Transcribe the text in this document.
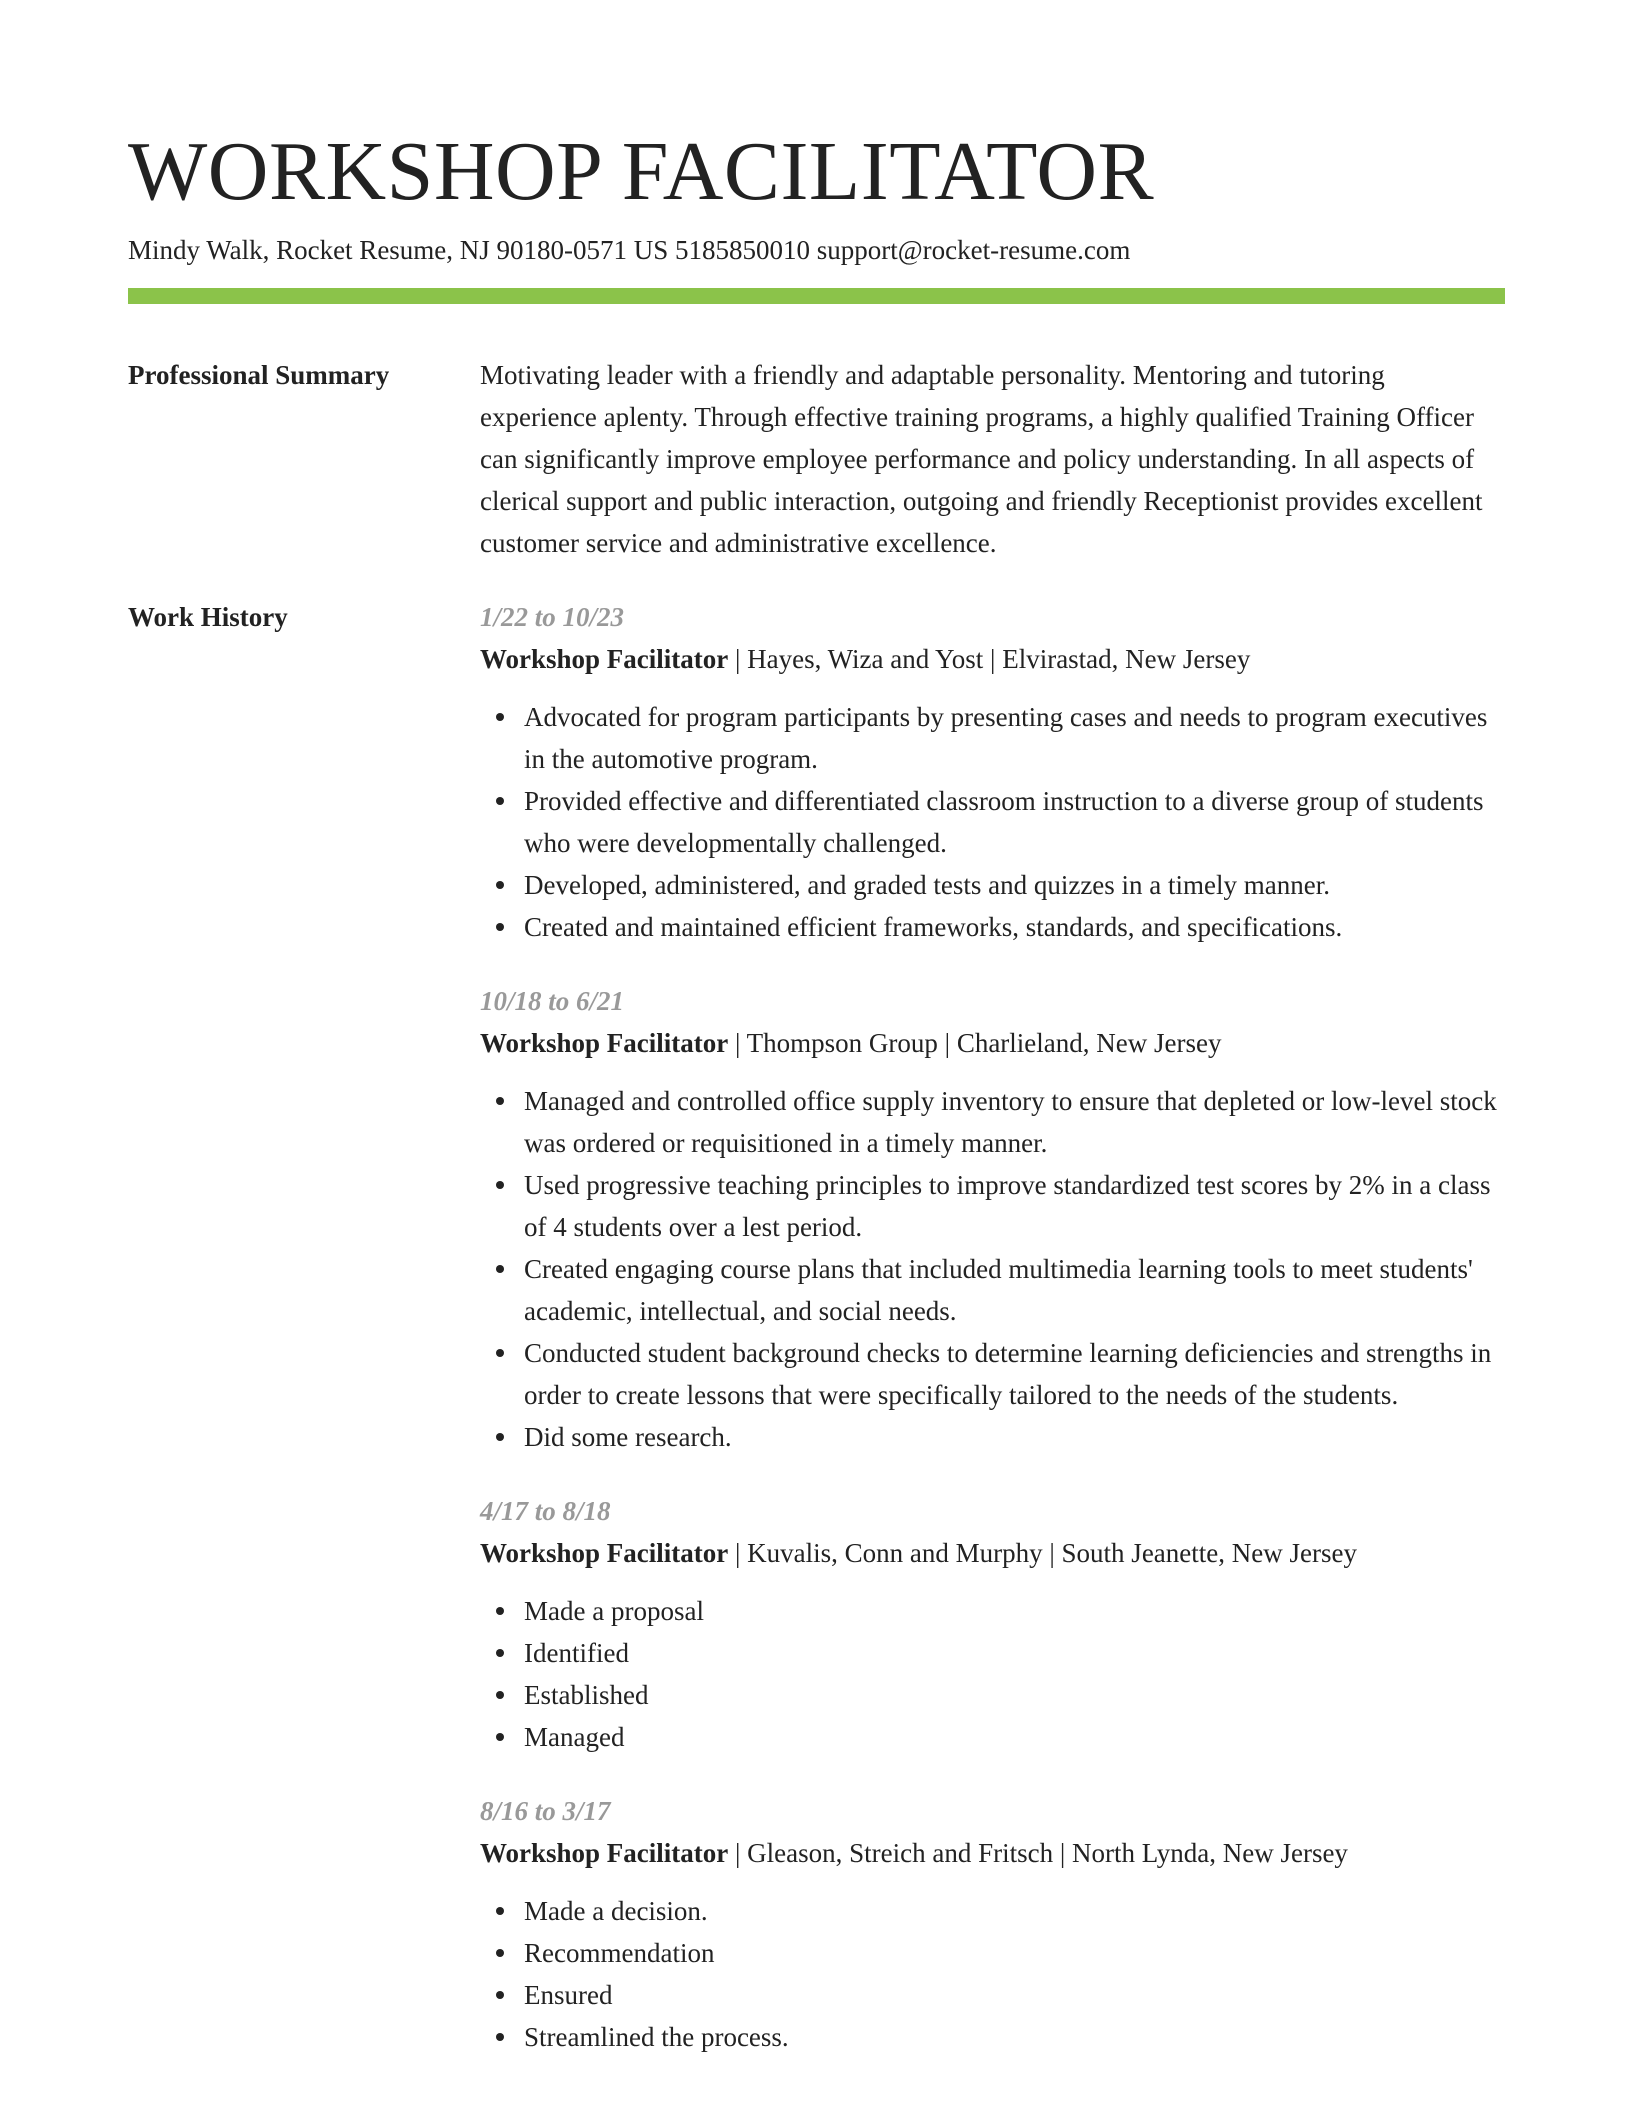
WORKSHOP FACILITATOR
Mindy Walk, Rocket Resume, NJ 90180-0571 US 5185850010 support@rocket-resume.com
Professional Summary	Motivating leader with a friendly and adaptable personality. Mentoring and tutoring experience aplenty. Through effective training programs, a highly qualified Training Officer can significantly improve employee performance and policy understanding. In all aspects of clerical support and public interaction, outgoing and friendly Receptionist provides excellent customer service and administrative excellence.
Work History	1/22 to 10/23
Workshop Facilitator | Hayes, Wiza and Yost | Elvirastad, New Jersey
Advocated for program participants by presenting cases and needs to program executives in the automotive program.
Provided effective and differentiated classroom instruction to a diverse group of students who were developmentally challenged.
Developed, administered, and graded tests and quizzes in a timely manner.
Created and maintained efficient frameworks, standards, and specifications.
10/18 to 6/21
Workshop Facilitator | Thompson Group | Charlieland, New Jersey
Managed and controlled office supply inventory to ensure that depleted or low-level stock was ordered or requisitioned in a timely manner.
Used progressive teaching principles to improve standardized test scores by 2% in a class of 4 students over a lest period.
Created engaging course plans that included multimedia learning tools to meet students' academic, intellectual, and social needs.
Conducted student background checks to determine learning deficiencies and strengths in order to create lessons that were specifically tailored to the needs of the students.
Did some research.
4/17 to 8/18
Workshop Facilitator | Kuvalis, Conn and Murphy | South Jeanette, New Jersey
Made a proposal
Identified
Established
Managed
8/16 to 3/17
Workshop Facilitator | Gleason, Streich and Fritsch | North Lynda, New Jersey
Made a decision.
Recommendation
Ensured
Streamlined the process.
